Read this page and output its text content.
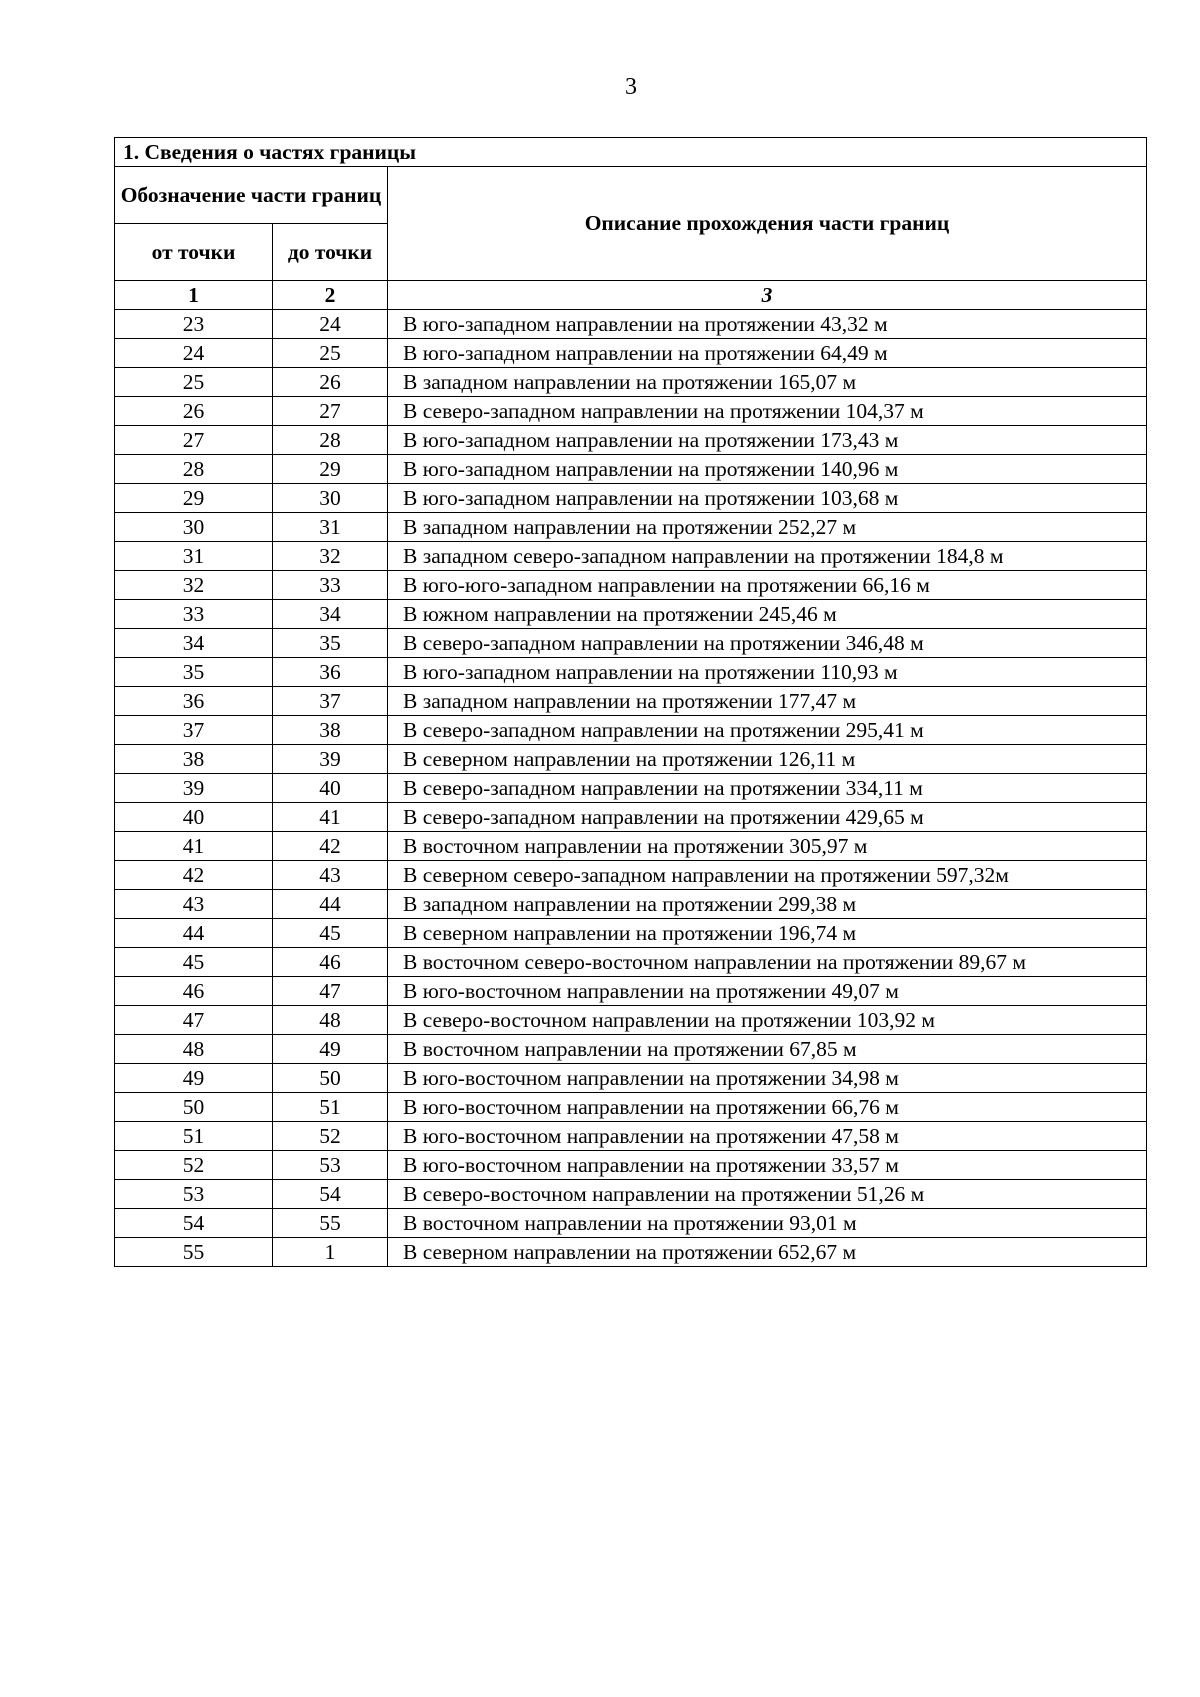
3
1. Сведения о частях границы		
Обозначение части границ		Описание прохождения части границ
от точки	до точки	
1	2	3
23	24	В юго-западном направлении на протяжении 43,32 м
24	25	В юго-западном направлении на протяжении 64,49 м
25	26	В западном направлении на протяжении 165,07 м
26	27	В северо-западном направлении на протяжении 104,37 м
27	28	В юго-западном направлении на протяжении 173,43 м
28	29	В юго-западном направлении на протяжении 140,96 м
29	30	В юго-западном направлении на протяжении 103,68 м
30	31	В западном направлении на протяжении 252,27 м
31	32	В западном северо-западном направлении на протяжении 184,8 м
32	33	В юго-юго-западном направлении на протяжении 66,16 м
33	34	В южном направлении на протяжении 245,46 м
34	35	В северо-западном направлении на протяжении 346,48 м
35	36	В юго-западном направлении на протяжении 110,93 м
36	37	В западном направлении на протяжении 177,47 м
37	38	В северо-западном направлении на протяжении 295,41 м
38	39	В северном направлении на протяжении 126,11 м
39	40	В северо-западном направлении на протяжении 334,11 м
40	41	В северо-западном направлении на протяжении 429,65 м
41	42	В восточном направлении на протяжении 305,97 м
42	43	В северном северо-западном направлении на протяжении 597,32м
43	44	В западном направлении на протяжении 299,38 м
44	45	В северном направлении на протяжении 196,74 м
45	46	В восточном северо-восточном направлении на протяжении 89,67 м
46	47	В юго-восточном направлении на протяжении 49,07 м
47	48	В северо-восточном направлении на протяжении 103,92 м
48	49	В восточном направлении на протяжении 67,85 м
49	50	В юго-восточном направлении на протяжении 34,98 м
50	51	В юго-восточном направлении на протяжении 66,76 м
51	52	В юго-восточном направлении на протяжении 47,58 м
52	53	В юго-восточном направлении на протяжении 33,57 м
53	54	В северо-восточном направлении на протяжении 51,26 м
54	55	В восточном направлении на протяжении 93,01 м
55	1	В северном направлении на протяжении 652,67 м
